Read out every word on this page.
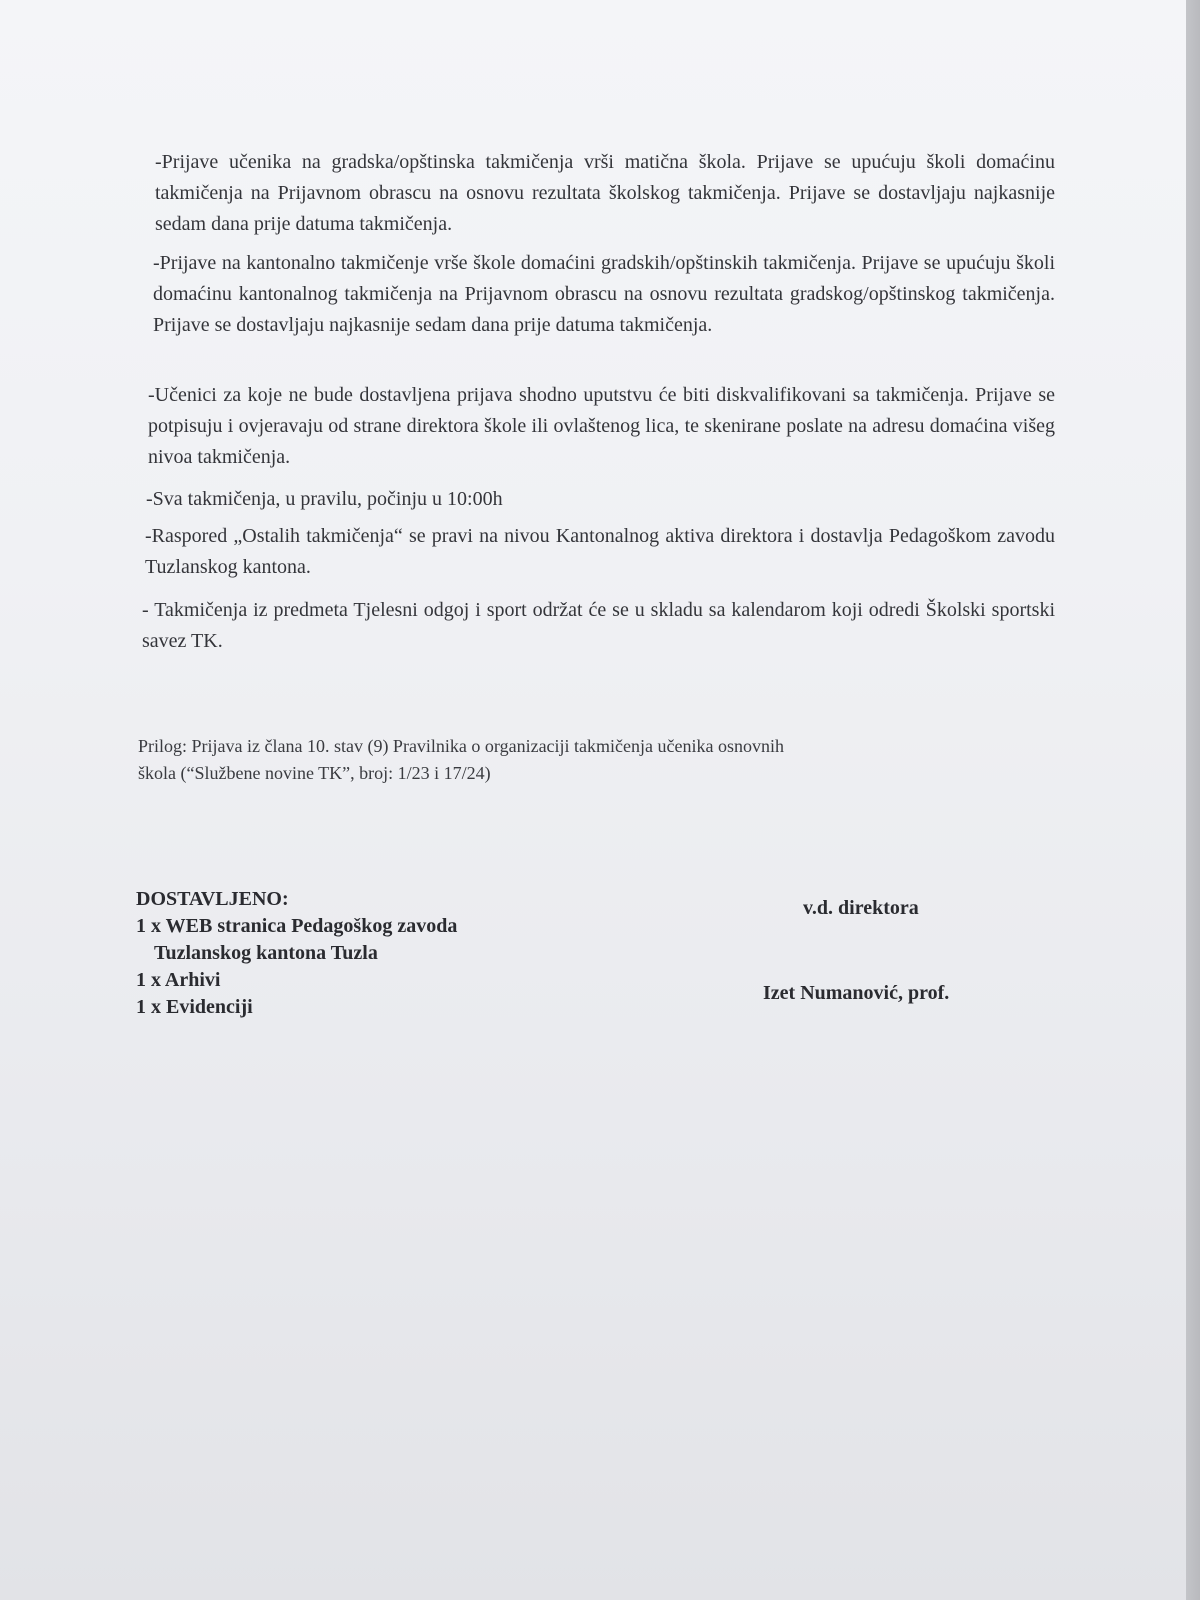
-Prijave učenika na gradska/opštinska takmičenja vrši matična škola. Prijave se upućuju školi domaćinu takmičenja na Prijavnom obrascu na osnovu rezultata školskog takmičenja. Prijave se dostavljaju najkasnije sedam dana prije datuma takmičenja.

-Prijave na kantonalno takmičenje vrše škole domaćini gradskih/opštinskih takmičenja. Prijave se upućuju školi domaćinu kantonalnog takmičenja na Prijavnom obrascu na osnovu rezultata gradskog/opštinskog takmičenja. Prijave se dostavljaju najkasnije sedam dana prije datuma takmičenja.

-Učenici za koje ne bude dostavljena prijava shodno uputstvu će biti diskvalifikovani sa takmičenja. Prijave se potpisuju i ovjeravaju od strane direktora škole ili ovlaštenog lica, te skenirane poslate na adresu domaćina višeg nivoa takmičenja.

-Sva takmičenja, u pravilu, počinju u 10:00h

-Raspored „Ostalih takmičenja“ se pravi na nivou Kantonalnog aktiva direktora i dostavlja Pedagoškom zavodu Tuzlanskog kantona.

- Takmičenja iz predmeta Tjelesni odgoj i sport održat će se u skladu sa kalendarom koji odredi Školski sportski savez TK.

Prilog: Prijava iz člana 10. stav (9) Pravilnika o organizaciji takmičenja učenika osnovnih
škola (“Službene novine TK”, broj: 1/23 i 17/24)

DOSTAVLJENO:
1 x WEB stranica Pedagoškog zavoda
Tuzlanskog kantona Tuzla
1 x Arhivi
1 x Evidenciji

v.d. direktora

Izet Numanović, prof.
